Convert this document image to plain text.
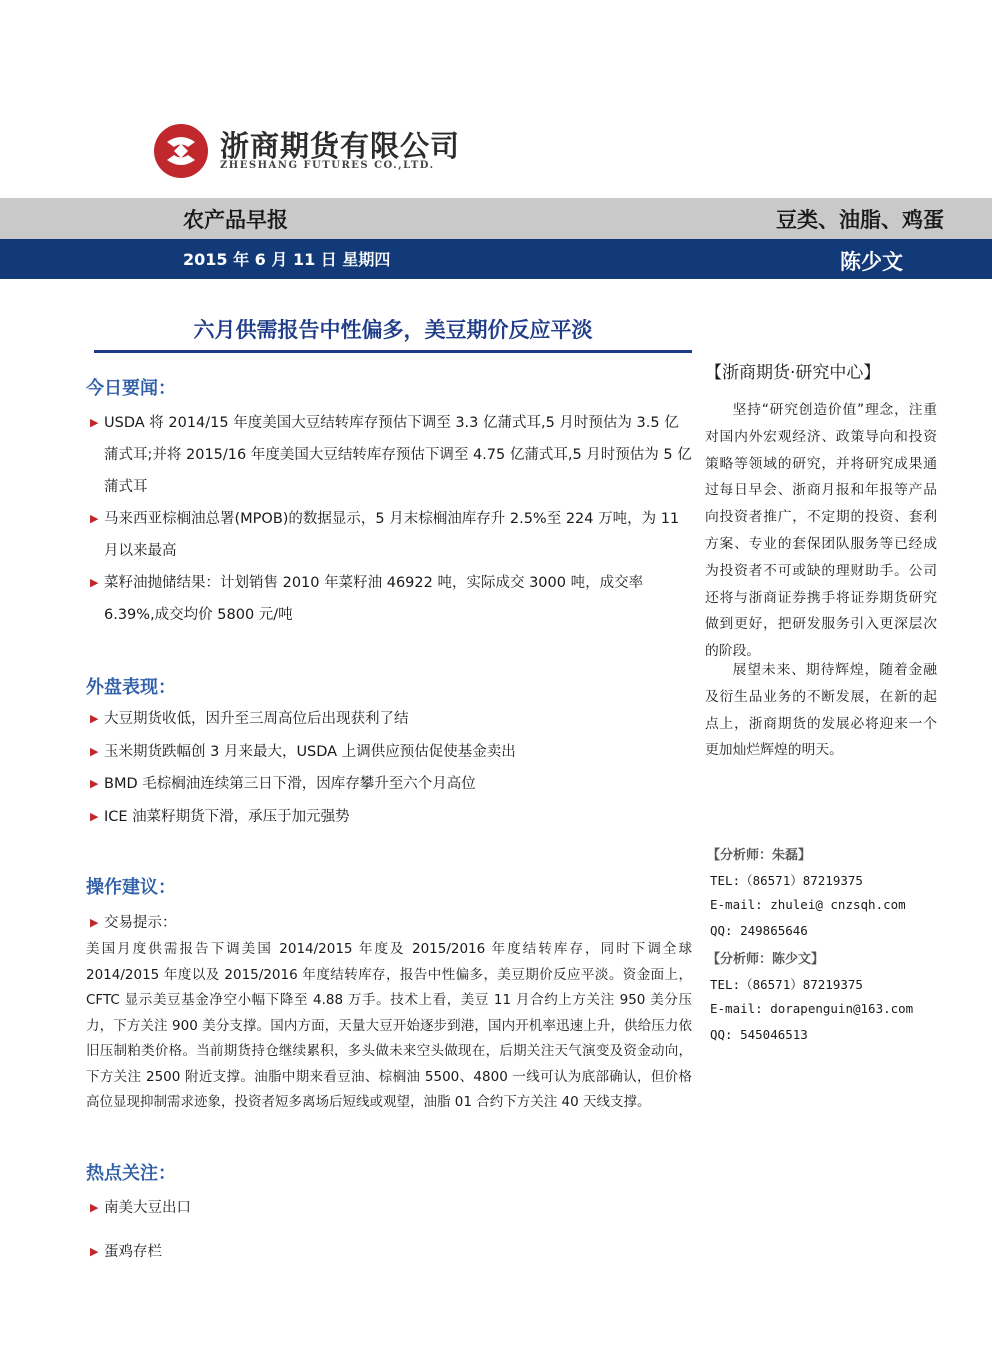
浙商期货有限公司
ZHESHANG FUTURES CO.,LTD.
农产品早报	豆类、油脂、鸡蛋
2015 年 6 月 11 日 星期四	陈少文
六月供需报告中性偏多，美豆期价反应平淡
今日要闻：
▶ USDA 将 2014/15 年度美国大豆结转库存预估下调至 3.3 亿蒲式耳,5 月时预估为 3.5 亿蒲式耳;并将 2015/16 年度美国大豆结转库存预估下调至 4.75 亿蒲式耳,5 月时预估为 5 亿蒲式耳
▶ 马来西亚棕榈油总署(MPOB)的数据显示，5 月末棕榈油库存升 2.5%至 224 万吨，为 11 月以来最高
▶ 菜籽油抛储结果：计划销售 2010 年菜籽油 46922 吨，实际成交 3000 吨，成交率 6.39%,成交均价 5800 元/吨
外盘表现：
▶ 大豆期货收低，因升至三周高位后出现获利了结
▶ 玉米期货跌幅创 3 月来最大，USDA 上调供应预估促使基金卖出
▶ BMD 毛棕榈油连续第三日下滑，因库存攀升至六个月高位
▶ ICE 油菜籽期货下滑，承压于加元强势
操作建议：
▶ 交易提示：
美国月度供需报告下调美国 2014/2015 年度及 2015/2016 年度结转库存，同时下调全球 2014/2015 年度以及 2015/2016 年度结转库存，报告中性偏多，美豆期价反应平淡。资金面上，CFTC 显示美豆基金净空小幅下降至 4.88 万手。技术上看，美豆 11 月合约上方关注 950 美分压力，下方关注 900 美分支撑。国内方面，天量大豆开始逐步到港，国内开机率迅速上升，供给压力依旧压制粕类价格。当前期货持仓继续累积，多头做未来空头做现在，后期关注天气演变及资金动向，下方关注 2500 附近支撑。油脂中期来看豆油、棕榈油 5500、4800 一线可认为底部确认，但价格高位显现抑制需求迹象，投资者短多离场后短线或观望，油脂 01 合约下方关注 40 天线支撑。
热点关注：
▶ 南美大豆出口
▶ 蛋鸡存栏
【浙商期货·研究中心】
坚持“研究创造价值”理念，注重对国内外宏观经济、政策导向和投资策略等领域的研究，并将研究成果通过每日早会、浙商月报和年报等产品向投资者推广，不定期的投资、套利方案、专业的套保团队服务等已经成为投资者不可或缺的理财助手。公司还将与浙商证券携手将证券期货研究做到更好，把研发服务引入更深层次的阶段。
展望未来、期待辉煌，随着金融及衍生品业务的不断发展，在新的起点上，浙商期货的发展必将迎来一个更加灿烂辉煌的明天。
【分析师：朱磊】
TEL:（86571）87219375
E-mail: zhulei@ cnzsqh.com
QQ: 249865646
【分析师：陈少文】
TEL:（86571）87219375
E-mail: dorapenguin@163.com
QQ: 545046513
